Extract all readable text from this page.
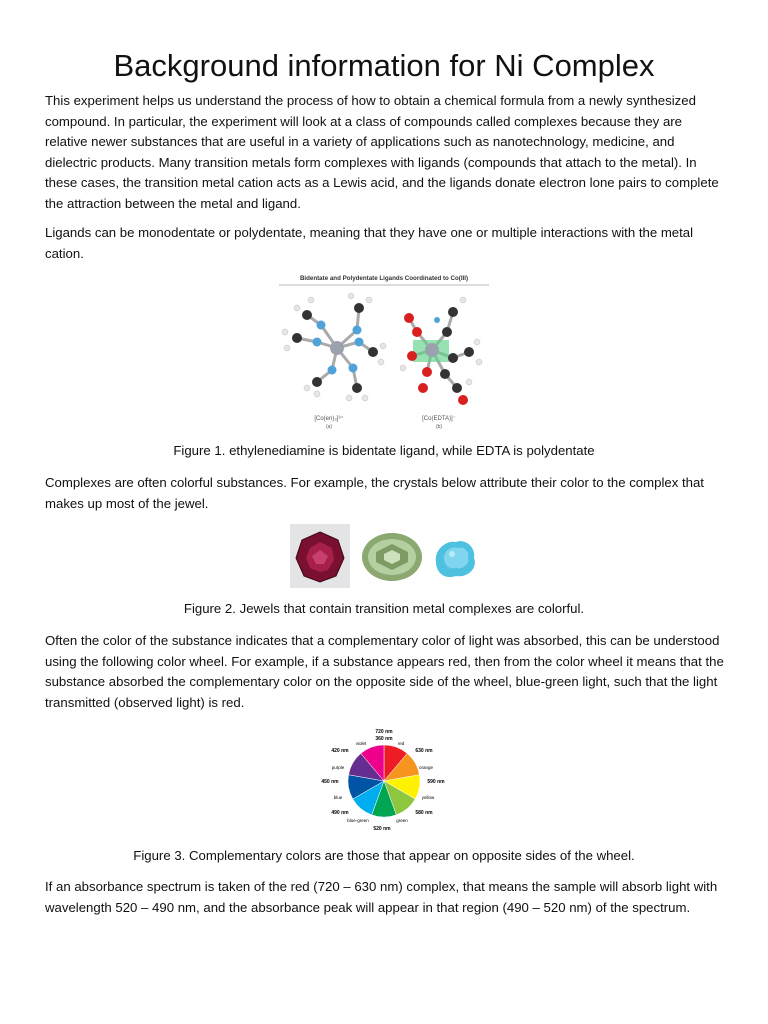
Background information for Ni Complex

This experiment helps us understand the process of how to obtain a chemical formula from a newly synthesized compound. In particular, the experiment will look at a class of compounds called complexes because they are relative newer substances that are useful in a variety of applications such as nanotechnology, medicine, and dielectric products. Many transition metals form complexes with ligands (compounds that attach to the metal). In these cases, the transition metal cation acts as a Lewis acid, and the ligands donate electron lone pairs to complete the attraction between the metal and ligand.

Ligands can be monodentate or polydentate, meaning that they have one or multiple interactions with the metal cation.

Bidentate and Polydentate Ligands Coordinated to Co(III)
[Co(en)₃]³⁺
(a)
[Co(EDTA)]⁻
(b)

Figure 1. ethylenediamine is bidentate ligand, while EDTA is polydentate

Complexes are often colorful substances. For example, the crystals below attribute their color to the complex that makes up most of the jewel.

Figure 2. Jewels that contain transition metal complexes are colorful.

Often the color of the substance indicates that a complementary color of light was absorbed, this can be understood using the following color wheel. For example, if a substance appears red, then from the color wheel it means that the substance absorbed the complementary color on the opposite side of the wheel, blue-green light, such that the light transmitted (observed light) is red.

720 nm
360 nm
violet	red
420 nm	630 nm
purple	orange
450 nm	590 nm
blue	yellow
490 nm	580 nm
blue-green	green
520 nm

Figure 3. Complementary colors are those that appear on opposite sides of the wheel.

If an absorbance spectrum is taken of the red (720 – 630 nm) complex, that means the sample will absorb light with wavelength 520 – 490 nm, and the absorbance peak will appear in that region (490 – 520 nm) of the spectrum.
